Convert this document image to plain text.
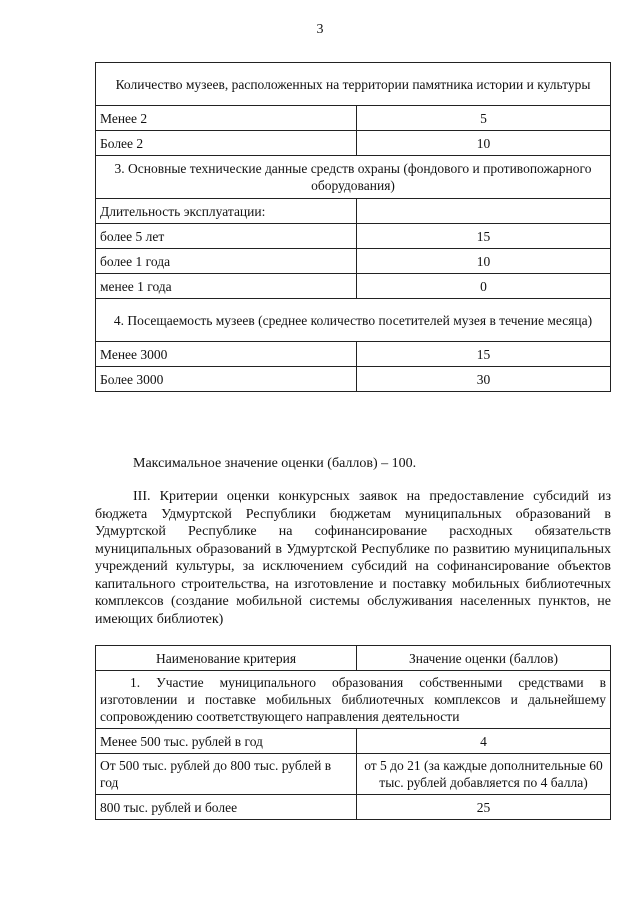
3
Количество музеев, расположенных на территории памятника истории и культуры	
Менее 2	5
Более 2	10
3. Основные технические данные средств охраны (фондового и противопожарного оборудования)	
Длительность эксплуатации:	
более 5 лет	15
более 1 года	10
менее 1 года	0
4. Посещаемость музеев (среднее количество посетителей музея в течение месяца)	
Менее 3000	15
Более 3000	30
Максимальное значение оценки (баллов) – 100.
III. Критерии оценки конкурсных заявок на предоставление субсидий из бюджета Удмуртской Республики бюджетам муниципальных образований в Удмуртской Республике на софинансирование расходных обязательств муниципальных образований в Удмуртской Республике по развитию муниципальных учреждений культуры, за исключением субсидий на софинансирование объектов капитального строительства, на изготовление и поставку мобильных библиотечных комплексов (создание мобильной системы обслуживания населенных пунктов, не имеющих библиотек)
Наименование критерия	Значение оценки (баллов)
1. Участие муниципального образования собственными средствами в изготовлении и поставке мобильных библиотечных комплексов и дальнейшему сопровождению соответствующего направления деятельности	
Менее 500 тыс. рублей в год	4
От 500 тыс. рублей до 800 тыс. рублей в год	от 5 до 21 (за каждые дополнительные 60 тыс. рублей добавляется по 4 балла)
800 тыс. рублей и более	25
